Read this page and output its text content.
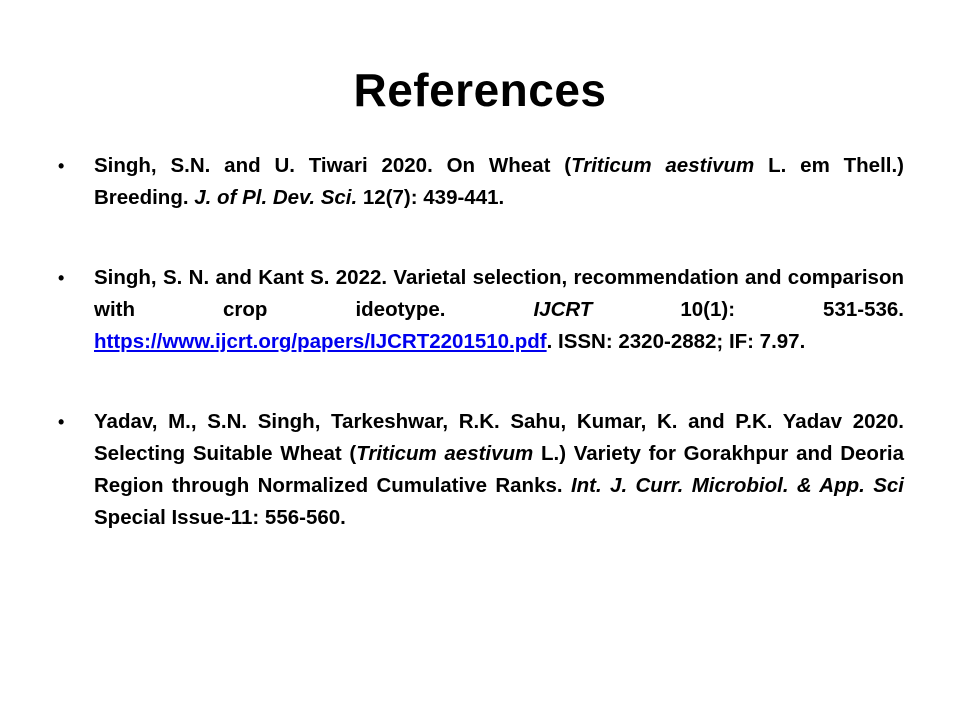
References
• Singh, S.N. and U. Tiwari 2020. On Wheat (Triticum aestivum L. em Thell.) Breeding. J. of Pl. Dev. Sci. 12(7): 439-441.
• Singh, S. N. and Kant S. 2022. Varietal selection, recommendation and comparison with crop ideotype. IJCRT 10(1): 531-536. https://www.ijcrt.org/papers/IJCRT2201510.pdf. ISSN: 2320-2882; IF: 7.97.
• Yadav, M., S.N. Singh, Tarkeshwar, R.K. Sahu, Kumar, K. and P.K. Yadav 2020. Selecting Suitable Wheat (Triticum aestivum L.) Variety for Gorakhpur and Deoria Region through Normalized Cumulative Ranks. Int. J. Curr. Microbiol. & App. Sci Special Issue-11: 556-560.
